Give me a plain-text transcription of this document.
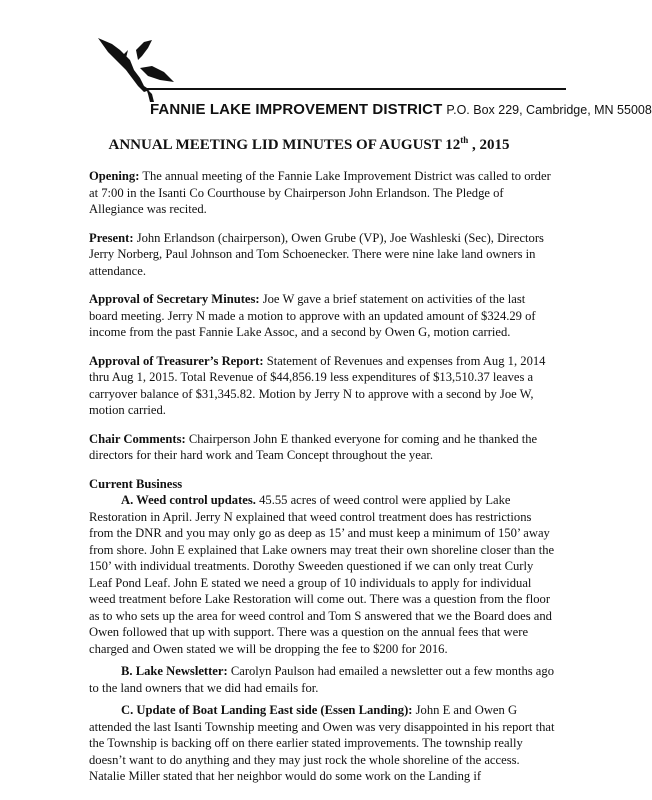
FANNIE LAKE IMPROVEMENT DISTRICT P.O. Box 229, Cambridge, MN 55008
ANNUAL MEETING LID MINUTES OF AUGUST 12th , 2015

Opening: The annual meeting of the Fannie Lake Improvement District was called to order at 7:00 in the Isanti Co Courthouse by Chairperson John Erlandson. The Pledge of Allegiance was recited.

Present: John Erlandson (chairperson), Owen Grube (VP), Joe Washleski (Sec), Directors Jerry Norberg, Paul Johnson and Tom Schoenecker. There were nine lake land owners in attendance.

Approval of Secretary Minutes: Joe W gave a brief statement on activities of the last board meeting. Jerry N made a motion to approve with an updated amount of $324.29 of income from the past Fannie Lake Assoc, and a second by Owen G, motion carried.

Approval of Treasurer’s Report: Statement of Revenues and expenses from Aug 1, 2014 thru Aug 1, 2015. Total Revenue of $44,856.19 less expenditures of $13,510.37 leaves a carryover balance of $31,345.82. Motion by Jerry N to approve with a second by Joe W, motion carried.

Chair Comments: Chairperson John E thanked everyone for coming and he thanked the directors for their hard work and Team Concept throughout the year.

Current Business

A. Weed control updates. 45.55 acres of weed control were applied by Lake Restoration in April. Jerry N explained that weed control treatment does has restrictions from the DNR and you may only go as deep as 15’ and must keep a minimum of 150’ away from shore. John E explained that Lake owners may treat their own shoreline closer than the 150’ with individual treatments. Dorothy Sweeden questioned if we can only treat Curly Leaf Pond Leaf. John E stated we need a group of 10 individuals to apply for individual weed treatment before Lake Restoration will come out. There was a question from the floor as to who sets up the area for weed control and Tom S answered that we the Board does and Owen followed that up with support. There was a question on the annual fees that were charged and Owen stated we will be dropping the fee to $200 for 2016.

B. Lake Newsletter: Carolyn Paulson had emailed a newsletter out a few months ago to the land owners that we did had emails for.

C. Update of Boat Landing East side (Essen Landing): John E and Owen G attended the last Isanti Township meeting and Owen was very disappointed in his report that the Township is backing off on there earlier stated improvements. The township really doesn’t want to do anything and they may just rock the whole shoreline of the access. Natalie Miller stated that her neighbor would do some work on the Landing if
